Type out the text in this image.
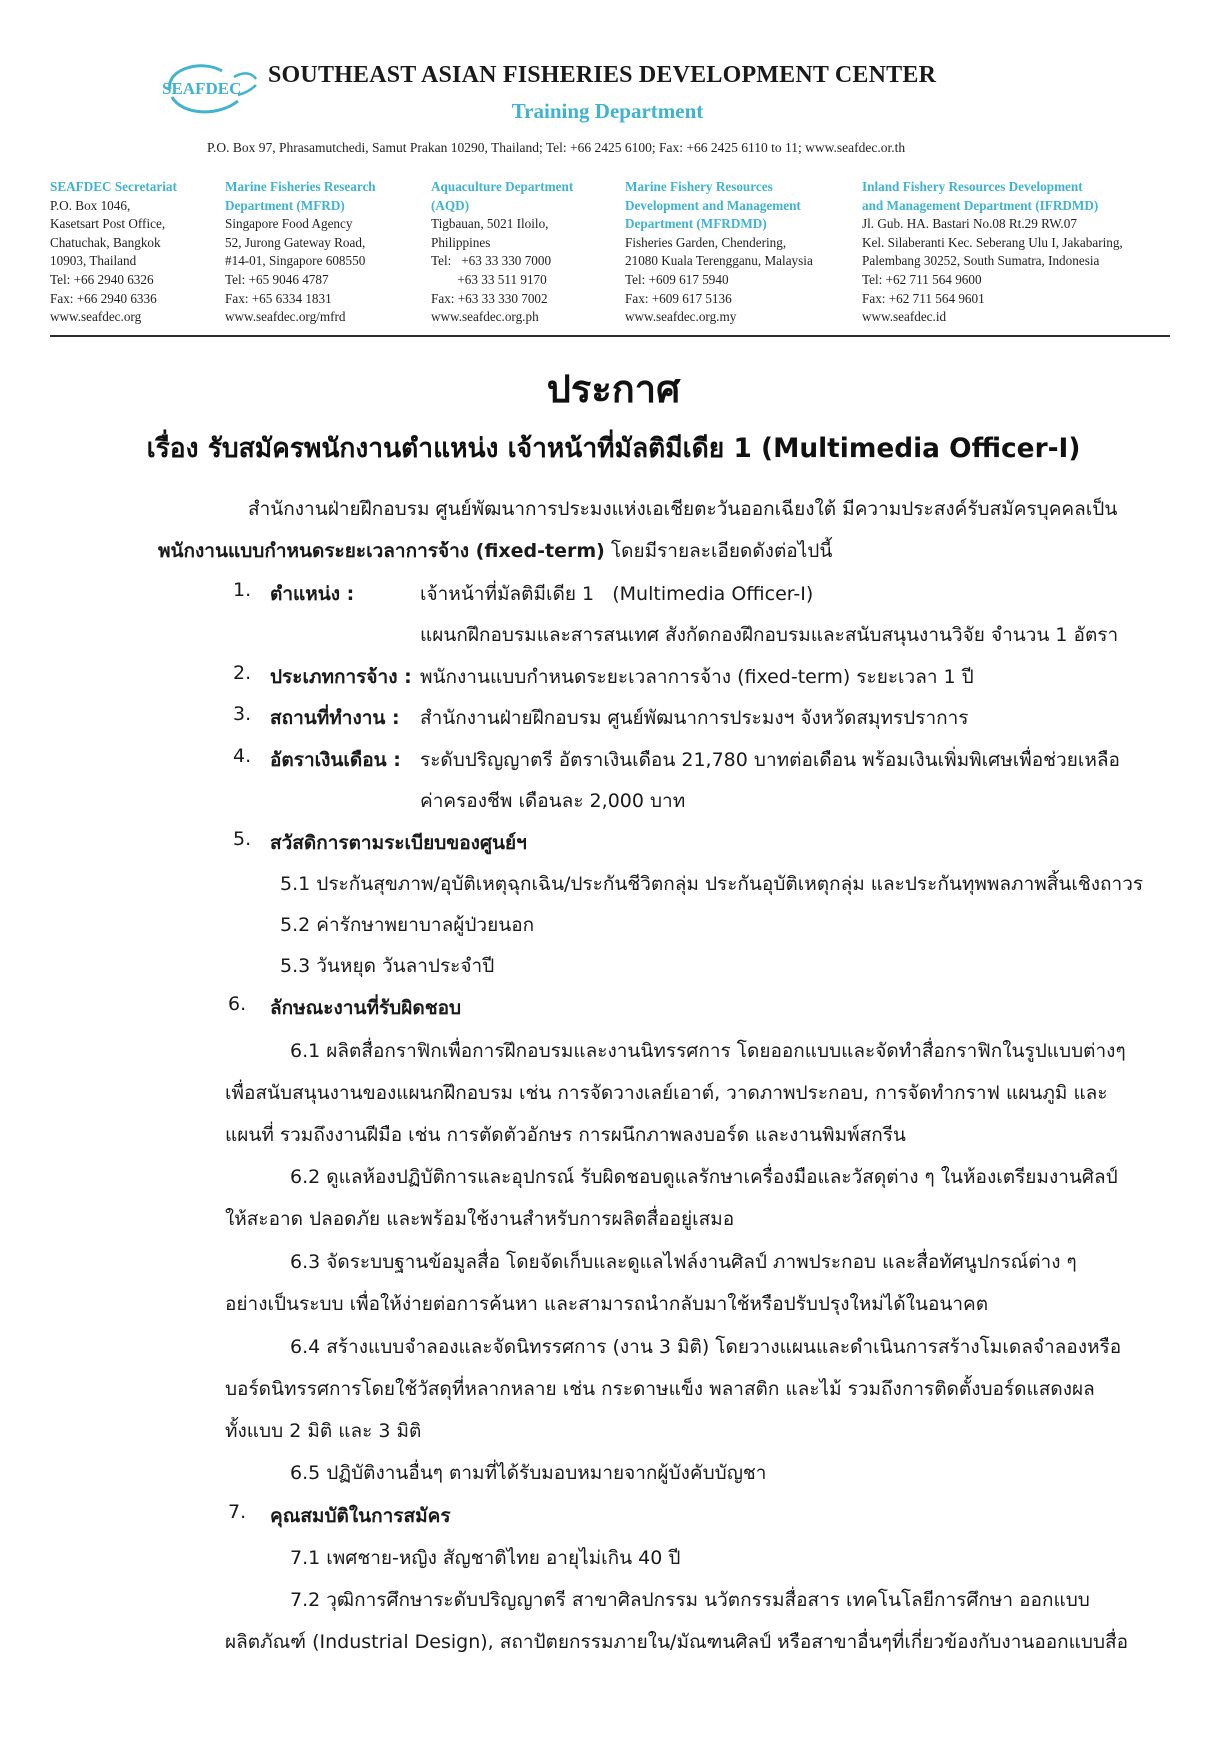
SEAFDEC
SOUTHEAST ASIAN FISHERIES DEVELOPMENT CENTER
Training Department
P.O. Box 97, Phrasamutchedi, Samut Prakan 10290, Thailand; Tel: +66 2425 6100; Fax: +66 2425 6110 to 11; www.seafdec.or.th
SEAFDEC Secretariat
P.O. Box 1046,
Kasetsart Post Office,
Chatuchak, Bangkok
10903, Thailand
Tel: +66 2940 6326
Fax: +66 2940 6336
www.seafdec.org
Marine Fisheries Research
Department (MFRD)
Singapore Food Agency
52, Jurong Gateway Road,
#14-01, Singapore 608550
Tel: +65 9046 4787
Fax: +65 6334 1831
www.seafdec.org/mfrd
Aquaculture Department
(AQD)
Tigbauan, 5021 Iloilo,
Philippines
Tel:   +63 33 330 7000
+63 33 511 9170
Fax: +63 33 330 7002
www.seafdec.org.ph
Marine Fishery Resources
Development and Management
Department (MFRDMD)
Fisheries Garden, Chendering,
21080 Kuala Terengganu, Malaysia
Tel: +609 617 5940
Fax: +609 617 5136
www.seafdec.org.my
Inland Fishery Resources Development
and Management Department (IFRDMD)
Jl. Gub. HA. Bastari No.08 Rt.29 RW.07
Kel. Silaberanti Kec. Seberang Ulu I, Jakabaring,
Palembang 30252, South Sumatra, Indonesia
Tel: +62 711 564 9600
Fax: +62 711 564 9601
www.seafdec.id
ประกาศ
เรื่อง รับสมัครพนักงานตำแหน่ง เจ้าหน้าที่มัลติมีเดีย 1 (Multimedia Officer-I)
สำนักงานฝ่ายฝึกอบรม ศูนย์พัฒนาการประมงแห่งเอเชียตะวันออกเฉียงใต้ มีความประสงค์รับสมัครบุคคลเป็น
พนักงานแบบกำหนดระยะเวลาการจ้าง (fixed-term) โดยมีรายละเอียดดังต่อไปนี้
1. ตำแหน่ง :	เจ้าหน้าที่มัลติมีเดีย 1   (Multimedia Officer-I)
แผนกฝึกอบรมและสารสนเทศ สังกัดกองฝึกอบรมและสนับสนุนงานวิจัย จำนวน 1 อัตรา
2. ประเภทการจ้าง : พนักงานแบบกำหนดระยะเวลาการจ้าง (fixed-term) ระยะเวลา 1 ปี
3. สถานที่ทำงาน : สำนักงานฝ่ายฝึกอบรม ศูนย์พัฒนาการประมงฯ จังหวัดสมุทรปราการ
4. อัตราเงินเดือน : ระดับปริญญาตรี อัตราเงินเดือน 21,780 บาทต่อเดือน พร้อมเงินเพิ่มพิเศษเพื่อช่วยเหลือ
ค่าครองชีพ เดือนละ 2,000 บาท
5. สวัสดิการตามระเบียบของศูนย์ฯ
5.1 ประกันสุขภาพ/อุบัติเหตุฉุกเฉิน/ประกันชีวิตกลุ่ม ประกันอุบัติเหตุกลุ่ม และประกันทุพพลภาพสิ้นเชิงถาวร
5.2 ค่ารักษาพยาบาลผู้ป่วยนอก
5.3 วันหยุด วันลาประจำปี
6. ลักษณะงานที่รับผิดชอบ
6.1 ผลิตสื่อกราฟิกเพื่อการฝึกอบรมและงานนิทรรศการ โดยออกแบบและจัดทำสื่อกราฟิกในรูปแบบต่างๆ
เพื่อสนับสนุนงานของแผนกฝึกอบรม เช่น การจัดวางเลย์เอาต์, วาดภาพประกอบ, การจัดทำกราฟ แผนภูมิ และ
แผนที่ รวมถึงงานฝีมือ เช่น การตัดตัวอักษร การผนึกภาพลงบอร์ด และงานพิมพ์สกรีน
6.2 ดูแลห้องปฏิบัติการและอุปกรณ์ รับผิดชอบดูแลรักษาเครื่องมือและวัสดุต่าง ๆ ในห้องเตรียมงานศิลป์
ให้สะอาด ปลอดภัย และพร้อมใช้งานสำหรับการผลิตสื่ออยู่เสมอ
6.3 จัดระบบฐานข้อมูลสื่อ โดยจัดเก็บและดูแลไฟล์งานศิลป์ ภาพประกอบ และสื่อทัศนูปกรณ์ต่าง ๆ
อย่างเป็นระบบ เพื่อให้ง่ายต่อการค้นหา และสามารถนำกลับมาใช้หรือปรับปรุงใหม่ได้ในอนาคต
6.4 สร้างแบบจำลองและจัดนิทรรศการ (งาน 3 มิติ) โดยวางแผนและดำเนินการสร้างโมเดลจำลองหรือ
บอร์ดนิทรรศการโดยใช้วัสดุที่หลากหลาย เช่น กระดาษแข็ง พลาสติก และไม้ รวมถึงการติดตั้งบอร์ดแสดงผล
ทั้งแบบ 2 มิติ และ 3 มิติ
6.5 ปฏิบัติงานอื่นๆ ตามที่ได้รับมอบหมายจากผู้บังคับบัญชา
7. คุณสมบัติในการสมัคร
7.1 เพศชาย-หญิง สัญชาติไทย อายุไม่เกิน 40 ปี
7.2 วุฒิการศึกษาระดับปริญญาตรี สาขาศิลปกรรม นวัตกรรมสื่อสาร เทคโนโลยีการศึกษา ออกแบบ
ผลิตภัณฑ์ (Industrial Design), สถาปัตยกรรมภายใน/มัณฑนศิลป์ หรือสาขาอื่นๆที่เกี่ยวข้องกับงานออกแบบสื่อ
